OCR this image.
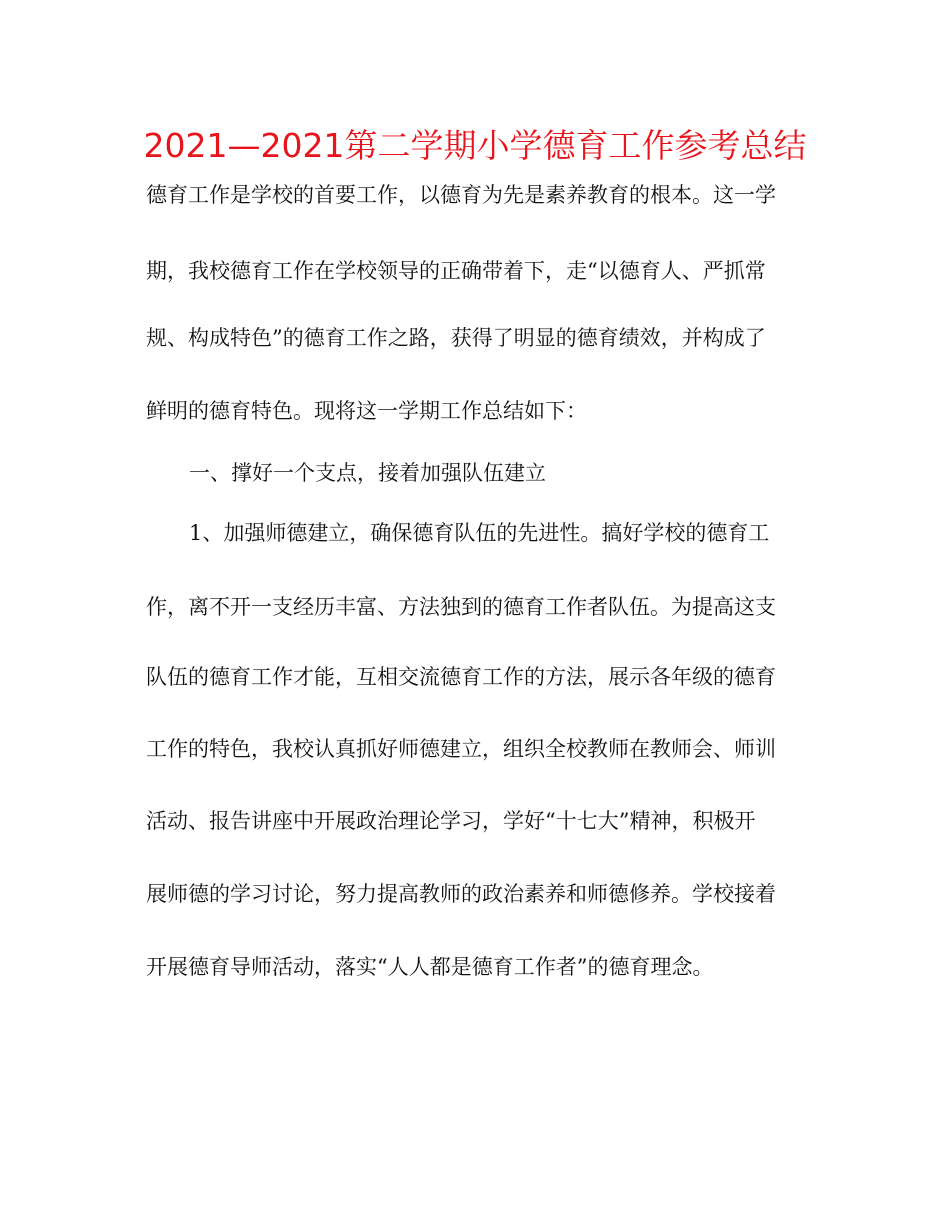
2021—2021第二学期小学德育工作参考总结
德育工作是学校的首要工作，以德育为先是素养教育的根本。这一学
期，我校德育工作在学校领导的正确带着下，走“以德育人、严抓常
规、构成特色”的德育工作之路，获得了明显的德育绩效，并构成了
鲜明的德育特色。现将这一学期工作总结如下：
一、撑好一个支点，接着加强队伍建立
1、加强师德建立，确保德育队伍的先进性。搞好学校的德育工
作，离不开一支经历丰富、方法独到的德育工作者队伍。为提高这支
队伍的德育工作才能，互相交流德育工作的方法，展示各年级的德育
工作的特色，我校认真抓好师德建立，组织全校教师在教师会、师训
活动、报告讲座中开展政治理论学习，学好“十七大”精神，积极开
展师德的学习讨论，努力提高教师的政治素养和师德修养。学校接着
开展德育导师活动，落实“人人都是德育工作者”的德育理念。
